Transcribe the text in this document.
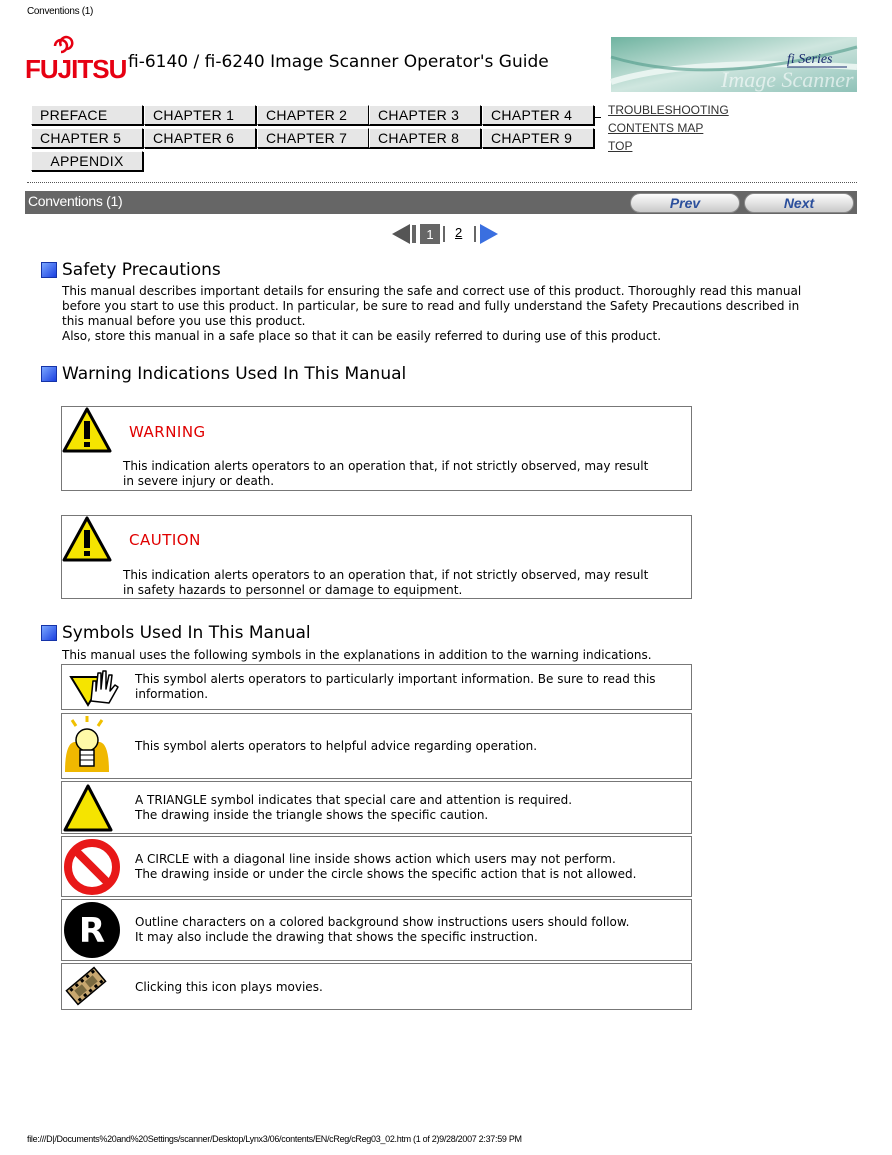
Conventions (1)
FUJITSU fi-6140 / fi-6240 Image Scanner Operator's Guide
Image Scanner
fi Series
PREFACE	CHAPTER 1	CHAPTER 2	CHAPTER 3	CHAPTER 4
CHAPTER 5	CHAPTER 6	CHAPTER 7	CHAPTER 8	CHAPTER 9
APPENDIX
TROUBLESHOOTING
CONTENTS MAP
TOP
Conventions (1)	Prev	Next
1	2
Safety Precautions
This manual describes important details for ensuring the safe and correct use of this product. Thoroughly read this manual
before you start to use this product. In particular, be sure to read and fully understand the Safety Precautions described in
this manual before you use this product.
Also, store this manual in a safe place so that it can be easily referred to during use of this product.
Warning Indications Used In This Manual
WARNING
This indication alerts operators to an operation that, if not strictly observed, may result
in severe injury or death.
CAUTION
This indication alerts operators to an operation that, if not strictly observed, may result
in safety hazards to personnel or damage to equipment.
Symbols Used In This Manual
This manual uses the following symbols in the explanations in addition to the warning indications.
This symbol alerts operators to particularly important information. Be sure to read this
information.
This symbol alerts operators to helpful advice regarding operation.
A TRIANGLE symbol indicates that special care and attention is required.
The drawing inside the triangle shows the specific caution.
A CIRCLE with a diagonal line inside shows action which users may not perform.
The drawing inside or under the circle shows the specific action that is not allowed.
R Outline characters on a colored background show instructions users should follow.
It may also include the drawing that shows the specific instruction.
Clicking this icon plays movies.
file:///D|/Documents%20and%20Settings/scanner/Desktop/Lynx3/06/contents/EN/cReg/cReg03_02.htm (1 of 2)9/28/2007 2:37:59 PM
